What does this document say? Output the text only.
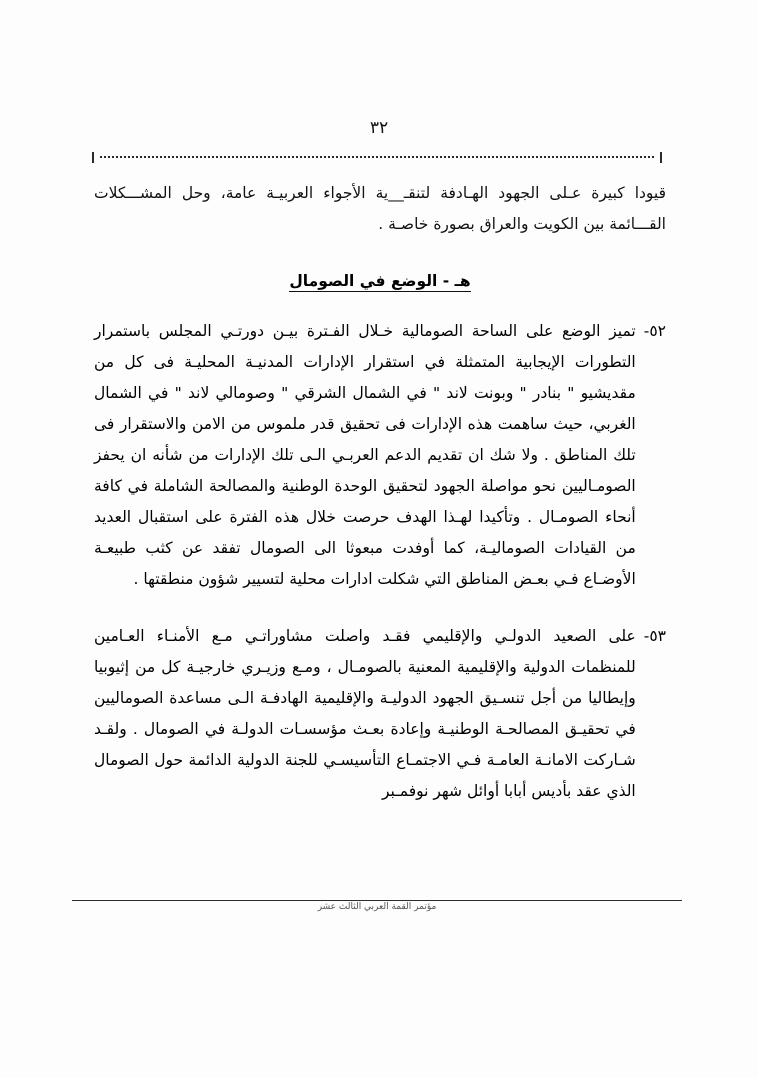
٣٢

قيودا كبيرة عـلى الجهود الهـادفة لتنقـ__ية الأجواء العربيـة عامة، وحل المشـــكلات القـــائمة بين الكويت والعراق بصورة خاصـة .

هـ - الوضع في الصومال
٥٢-
تميز الوضع على الساحة الصومالية خـلال الفـترة بيـن دورتـي المجلس باستمرار التطورات الإيجابية المتمثلة في استقرار الإدارات المدنيـة المحليـة فى كل من مقديشيو " بنادر " وبونت لاند " في الشمال الشرقي " وصومالي لاند " في الشمال الغربي، حيث ساهمت هذه الإدارات فى تحقيق قدر ملموس من الامن والاستقرار فى تلك المناطق . ولا شك ان تقديم الدعم العربـي الـى تلك الإدارات من شأنه ان يحفز الصومـاليين نحو مواصلة الجهود لتحقيق الوحدة الوطنية والمصالحة الشاملة في كافة أنحاء الصومـال . وتأكيدا لهـذا الهدف حرصت خلال هذه الفترة على استقبال العديد من القيادات الصوماليـة، كما أوفدت مبعوثا الى الصومال تفقد عن كثب طبيعـة الأوضـاع فـي بعـض المناطق التي شكلت ادارات محلية لتسيير شؤون منطقتها .
٥٣-
على الصعيد الدولـي والإقليمي فقـد واصلت مشاوراتـي مـع الأمنـاء العـامين للمنظمات الدولية والإقليمية المعنية بالصومـال ، ومـع وزيـري خارجيـة كل من إثيوبيا وإيطاليا من أجل تنسـيق الجهود الدوليـة والإقليمية الهادفـة الـى مساعدة الصوماليين في تحقيـق المصالحـة الوطنيـة وإعادة بعـث مؤسسـات الدولـة في الصومال . ولقـد شـاركت الامانـة العامـة فـي الاجتمـاع التأسيسـي للجنة الدولية الدائمة حول الصومال الذي عقد بأديس أبابا أوائل شهر نوفمـبر
مؤتمر القمة العربي الثالث عشر
